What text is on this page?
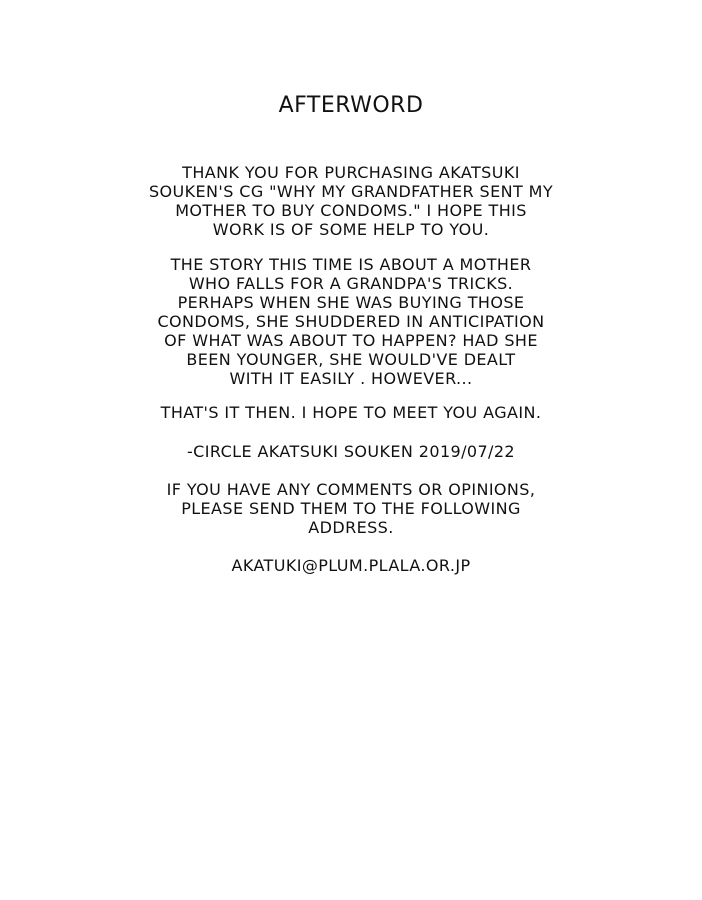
AFTERWORD
THANK YOU FOR PURCHASING AKATSUKI
SOUKEN'S CG "WHY MY GRANDFATHER SENT MY
MOTHER TO BUY CONDOMS." I HOPE THIS
WORK IS OF SOME HELP TO YOU.
THE STORY THIS TIME IS ABOUT A MOTHER
WHO FALLS FOR A GRANDPA'S TRICKS.
PERHAPS WHEN SHE WAS BUYING THOSE
CONDOMS, SHE SHUDDERED IN ANTICIPATION
OF WHAT WAS ABOUT TO HAPPEN? HAD SHE
BEEN YOUNGER, SHE WOULD'VE DEALT
WITH IT EASILY . HOWEVER...
THAT'S IT THEN. I HOPE TO MEET YOU AGAIN.
-CIRCLE AKATSUKI SOUKEN 2019/07/22
IF YOU HAVE ANY COMMENTS OR OPINIONS,
PLEASE SEND THEM TO THE FOLLOWING
ADDRESS.
AKATUKI@PLUM.PLALA.OR.JP
